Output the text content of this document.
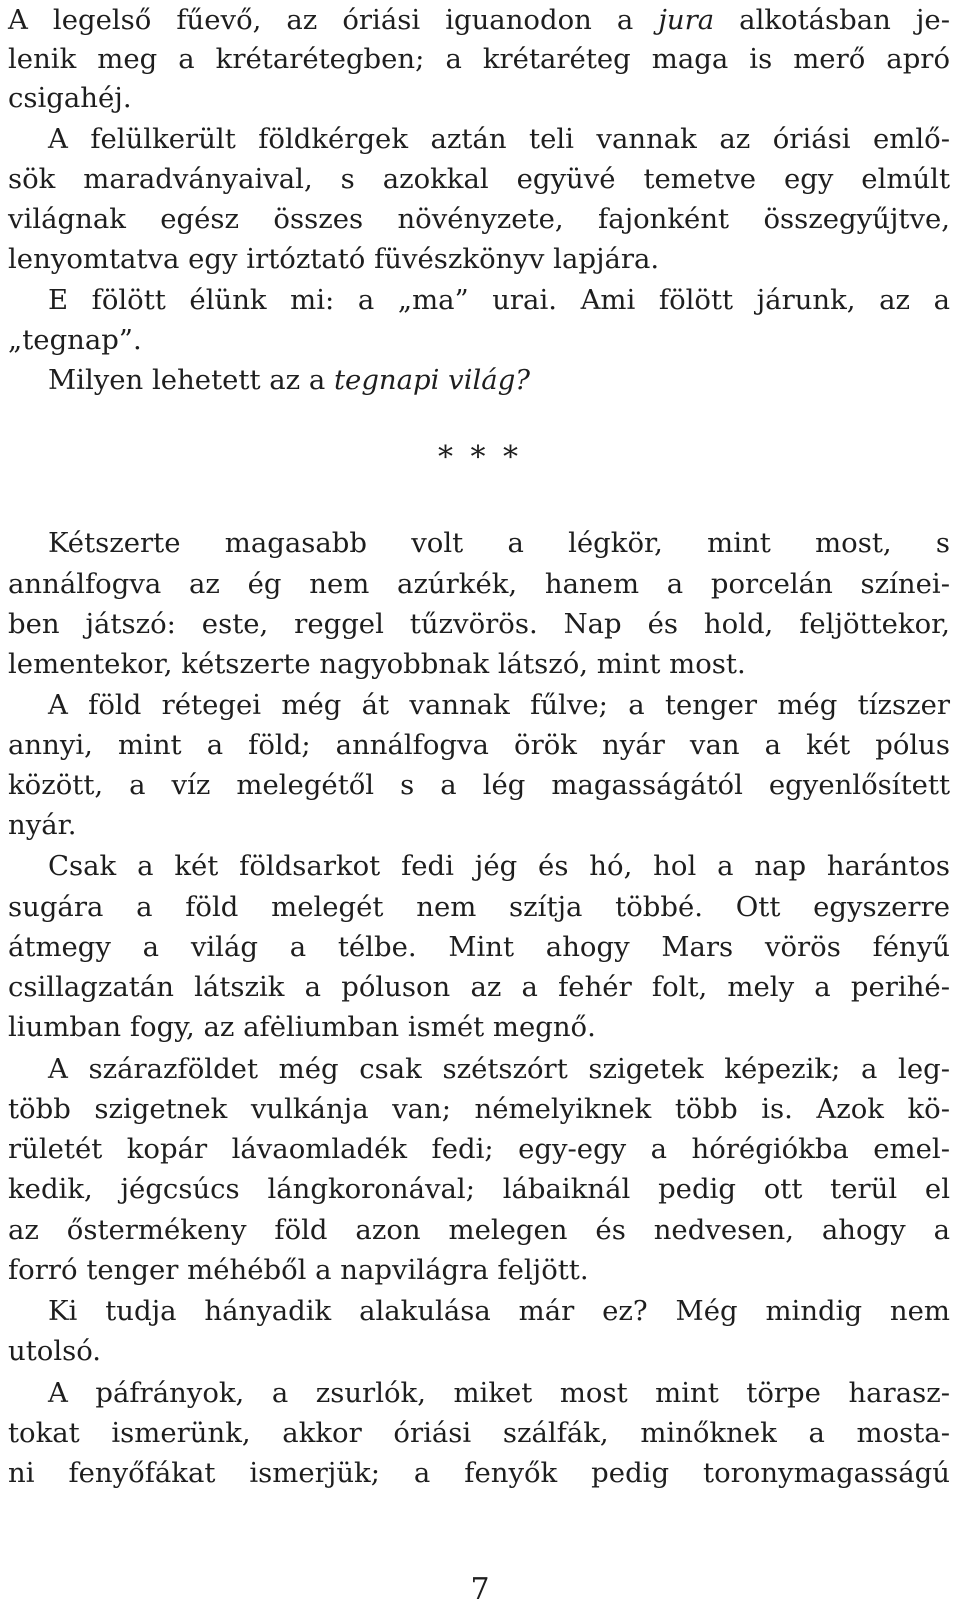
A legelső fűevő, az óriási iguanodon a jura alkotásban je-
lenik meg a krétarétegben; a krétaréteg maga is merő apró
csigahéj.
A felülkerült földkérgek aztán teli vannak az óriási emlő-
sök maradványaival, s azokkal együvé temetve egy elmúlt
világnak egész összes növényzete, fajonként összegyűjtve,
lenyomtatva egy irtóztató füvészkönyv lapjára.
E fölött élünk mi: a „ma” urai. Ami fölött járunk, az a
„tegnap”.
Milyen lehetett az a tegnapi világ?
* * *
Kétszerte magasabb volt a légkör, mint most, s
annálfogva az ég nem azúrkék, hanem a porcelán színei-
ben játszó: este, reggel tűzvörös. Nap és hold, feljöttekor,
lementekor, kétszerte nagyobbnak látszó, mint most.
A föld rétegei még át vannak fűlve; a tenger még tízszer
annyi, mint a föld; annálfogva örök nyár van a két pólus
között, a víz melegétől s a lég magasságától egyenlősített
nyár.
Csak a két földsarkot fedi jég és hó, hol a nap harántos
sugára a föld melegét nem szítja többé. Ott egyszerre
átmegy a világ a télbe. Mint ahogy Mars vörös fényű
csillagzatán látszik a póluson az a fehér folt, mely a perihé-
liumban fogy, az afėliumban ismét megnő.
A szárazföldet még csak szétszórt szigetek képezik; a leg-
több szigetnek vulkánja van; némelyiknek több is. Azok kö-
rületét kopár lávaomladék fedi; egy-egy a hórégiókba emel-
kedik, jégcsúcs lángkoronával; lábaiknál pedig ott terül el
az őstermékeny föld azon melegen és nedvesen, ahogy a
forró tenger méhéből a napvilágra feljött.
Ki tudja hányadik alakulása már ez? Még mindig nem
utolsó.
A páfrányok, a zsurlók, miket most mint törpe harasz-
tokat ismerünk, akkor óriási szálfák, minőknek a mosta-
ni fenyőfákat ismerjük; a fenyők pedig toronymagasságú
7
